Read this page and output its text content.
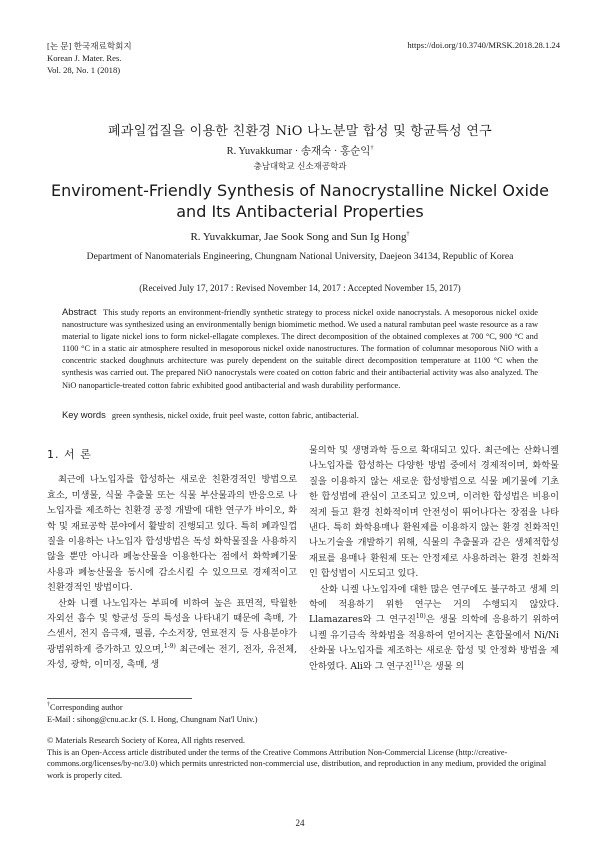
[논 문] 한국재료학회지
Korean J. Mater. Res.
Vol. 28, No. 1 (2018)
https://doi.org/10.3740/MRSK.2018.28.1.24
폐과일껍질을 이용한 친환경 NiO 나노분말 합성 및 항균특성 연구
R. Yuvakkumar · 송재숙 · 홍순익†
충남대학교 신소재공학과
Enviroment-Friendly Synthesis of Nanocrystalline Nickel Oxide
and Its Antibacterial Properties
R. Yuvakkumar, Jae Sook Song and Sun Ig Hong†
Department of Nanomaterials Engineering, Chungnam National University, Daejeon 34134, Republic of Korea
(Received July 17, 2017 : Revised November 14, 2017 : Accepted November 15, 2017)
Abstract This study reports an environment-friendly synthetic strategy to process nickel oxide nanocrystals. A mesoporous nickel oxide nanostructure was synthesized using an environmentally benign biomimetic method. We used a natural rambutan peel waste resource as a raw material to ligate nickel ions to form nickel-ellagate complexes. The direct decomposition of the obtained complexes at 700 °C, 900 °C and 1100 °C in a static air atmosphere resulted in mesoporous nickel oxide nanostructures. The formation of columnar mesoporous NiO with a concentric stacked doughnuts architecture was purely dependent on the suitable direct decomposition temperature at 1100 °C when the synthesis was carried out. The prepared NiO nanocrystals were coated on cotton fabric and their antibacterial activity was also analyzed. The NiO nanoparticle-treated cotton fabric exhibited good antibacterial and wash durability performance.
Key words green synthesis, nickel oxide, fruit peel waste, cotton fabric, antibacterial.
1. 서 론

최근에 나노입자를 합성하는 새로운 친환경적인 방법으로 효소, 미생물, 식물 추출물 또는 식물 부산물과의 반응으로 나노입자를 제조하는 친환경 공정 개발에 대한 연구가 바이오, 화학 및 재료공학 분야에서 활발히 진행되고 있다. 특히 폐과일껍질을 이용하는 나노입자 합성방법은 독성 화학물질을 사용하지 않을 뿐만 아니라 폐농산물을 이용한다는 점에서 화학폐기물 사용과 폐농산물을 동시에 감소시킬 수 있으므로 경제적이고 친환경적인 방법이다.

산화 니켈 나노입자는 부피에 비하여 높은 표면적, 탁월한 자외선 흡수 및 항균성 등의 특성을 나타내기 때문에 촉매, 가스센서, 전지 음극재, 필름, 수소저장, 연료전지 등 사용분야가 광범위하게 증가하고 있으며,$^{1-9)}$ 최근에는 전기, 전자, 유전체, 자성, 광학, 이미징, 촉매, 생

물의학 및 생명과학 등으로 확대되고 있다. 최근에는 산화니켈 나노입자를 합성하는 다양한 방법 중에서 경제적이며, 화학물질을 이용하지 않는 새로운 합성방법으로 식물 폐기물에 기초한 합성법에 관심이 고조되고 있으며, 이러한 합성법은 비용이 적게 들고 환경 친화적이며 안전성이 뛰어나다는 장점을 나타낸다. 특히 화학용매나 환원제를 이용하지 않는 환경 친화적인 나노기술을 개발하기 위해, 식물의 추출물과 같은 생체적합성 재료를 용매나 환원제 또는 안정제로 사용하려는 환경 친화적인 합성법이 시도되고 있다.

산화 니켈 나노입자에 대한 많은 연구에도 불구하고 생체 의학에 적용하기 위한 연구는 거의 수행되지 않았다. Llamazares와 그 연구진$^{10)}$은 생물 의학에 응용하기 위하여 니켈 유기금속 착화법을 적용하여 얻어지는 혼합물에서 Ni/Ni 산화물 나노입자를 제조하는 새로운 합성 및 안정화 방법을 제안하였다. Ali와 그 연구진$^{11)}$은 생물 의

†Corresponding author

E-Mail : sihong@cnu.ac.kr (S. I. Hong, Chungnam Nat'l Univ.)

© Materials Research Society of Korea, All rights reserved.

This is an Open-Access article distributed under the terms of the Creative Commons Attribution Non-Commercial License (http://creative-commons.org/licenses/by-nc/3.0) which permits unrestricted non-commercial use, distribution, and reproduction in any medium, provided the original work is properly cited.

24
